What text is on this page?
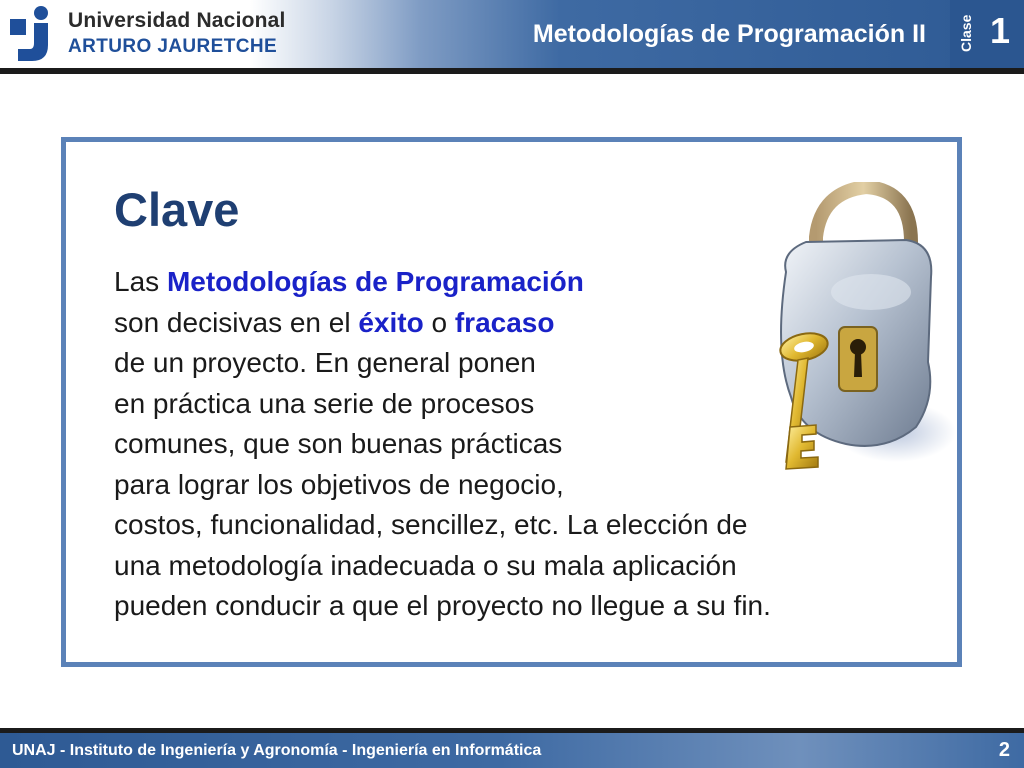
Universidad Nacional
ARTURO JAURETCHE	Metodologías de Programación II Clase 1
Clave
Las Metodologías de Programación
son decisivas en el éxito o fracaso
de un proyecto. En general ponen
en práctica una serie de procesos
comunes, que son buenas prácticas
para lograr los objetivos de negocio,
costos, funcionalidad, sencillez, etc. La elección de
una metodología inadecuada o su mala aplicación
pueden conducir a que el proyecto no llegue a su fin.
UNAJ - Instituto de Ingeniería y Agronomía - Ingeniería en Informática	2
